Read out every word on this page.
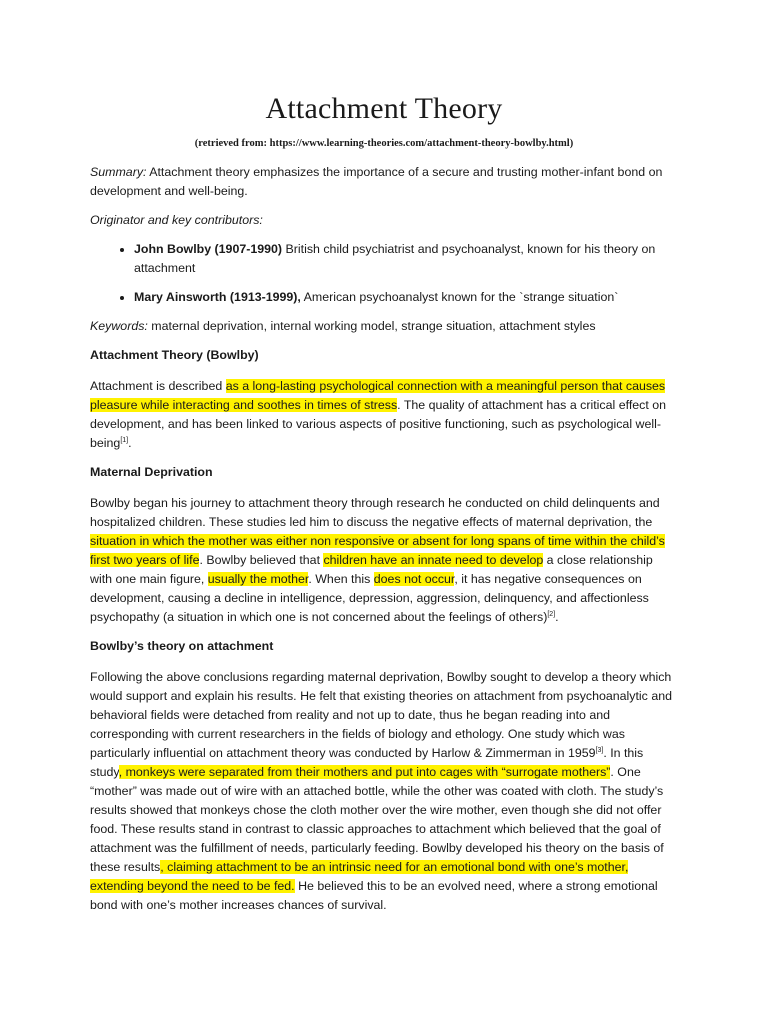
Attachment Theory
(retrieved from: https://www.learning-theories.com/attachment-theory-bowlby.html)

Summary: Attachment theory emphasizes the importance of a secure and trusting mother-infant bond on development and well-being.

Originator and key contributors:

• John Bowlby (1907-1990) British child psychiatrist and psychoanalyst, known for his theory on attachment
• Mary Ainsworth (1913-1999), American psychoanalyst known for the `strange situation`

Keywords: maternal deprivation, internal working model, strange situation, attachment styles

Attachment Theory (Bowlby)

Attachment is described as a long-lasting psychological connection with a meaningful person that causes pleasure while interacting and soothes in times of stress. The quality of attachment has a critical effect on development, and has been linked to various aspects of positive functioning, such as psychological well-being[1].

Maternal Deprivation

Bowlby began his journey to attachment theory through research he conducted on child delinquents and hospitalized children. These studies led him to discuss the negative effects of maternal deprivation, the situation in which the mother was either non responsive or absent for long spans of time within the child’s first two years of life. Bowlby believed that children have an innate need to develop a close relationship with one main figure, usually the mother. When this does not occur, it has negative consequences on development, causing a decline in intelligence, depression, aggression, delinquency, and affectionless psychopathy (a situation in which one is not concerned about the feelings of others)[2].

Bowlby’s theory on attachment

Following the above conclusions regarding maternal deprivation, Bowlby sought to develop a theory which would support and explain his results. He felt that existing theories on attachment from psychoanalytic and behavioral fields were detached from reality and not up to date, thus he began reading into and corresponding with current researchers in the fields of biology and ethology. One study which was particularly influential on attachment theory was conducted by Harlow & Zimmerman in 1959[3]. In this study, monkeys were separated from their mothers and put into cages with “surrogate mothers”. One “mother” was made out of wire with an attached bottle, while the other was coated with cloth. The study’s results showed that monkeys chose the cloth mother over the wire mother, even though she did not offer food. These results stand in contrast to classic approaches to attachment which believed that the goal of attachment was the fulfillment of needs, particularly feeding. Bowlby developed his theory on the basis of these results, claiming attachment to be an intrinsic need for an emotional bond with one’s mother, extending beyond the need to be fed. He believed this to be an evolved need, where a strong emotional bond with one’s mother increases chances of survival.
